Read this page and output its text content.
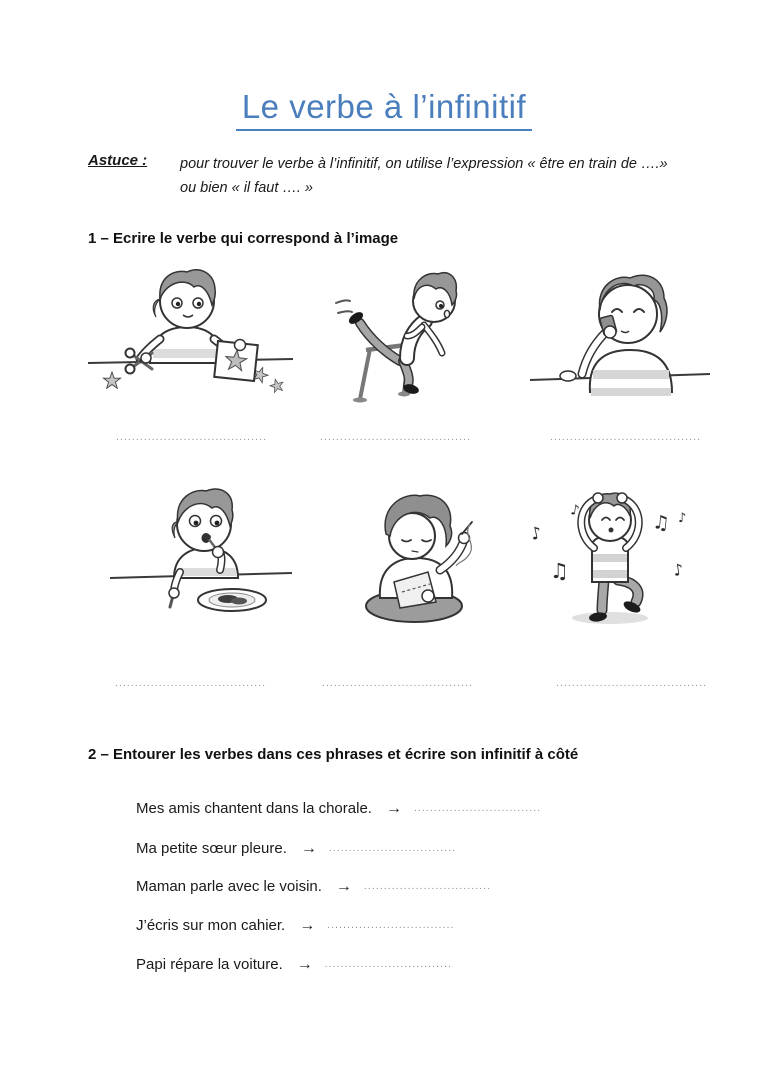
Le verbe à l’infinitif
Astuce : pour trouver le verbe à l’infinitif, on utilise l’expression « être en train de ….»
ou bien « il faut …. »
1 – Ecrire le verbe qui correspond à l’image
......................................	......................................	......................................
♪
♫
♪
♫
♪
♪
......................................	......................................	......................................
2 – Entourer les verbes dans ces phrases et écrire son infinitif à côté
Mes amis chantent dans la chorale. → ................................
Ma petite sœur pleure. → ................................
Maman parle avec le voisin. → ................................
J’écris sur mon cahier. → ................................
Papi répare la voiture. → ................................
